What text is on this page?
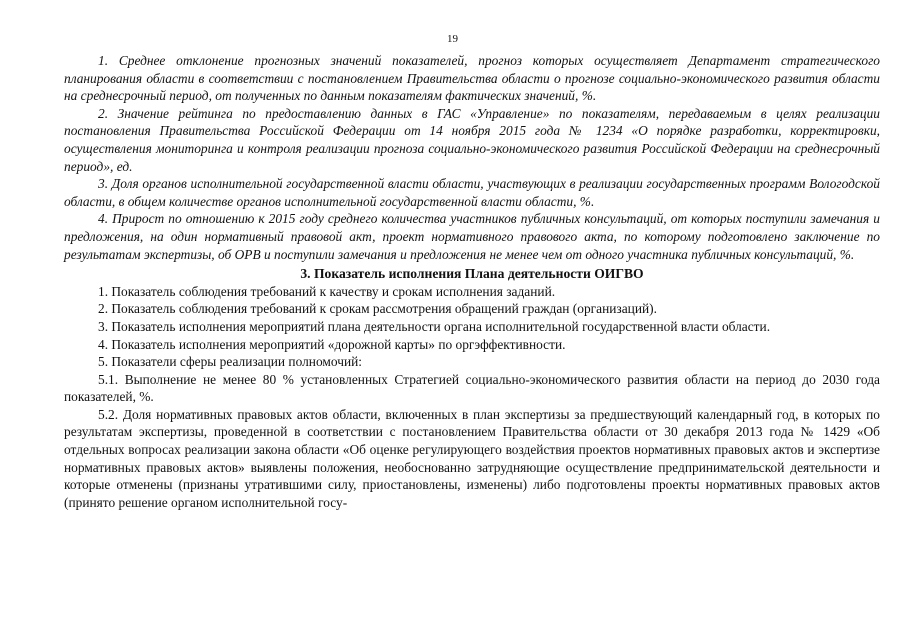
19

1. Среднее отклонение прогнозных значений показателей, прогноз которых осуществляет Департамент стратегического планирования области в соответствии с постановлением Правительства области о прогнозе социально-экономического развития области на среднесрочный период, от полученных по данным показателям фактических значений, %.

2. Значение рейтинга по предоставлению данных в ГАС «Управление» по показателям, передаваемым в целях реализации постановления Правительства Российской Федерации от 14 ноября 2015 года № 1234 «О порядке разработки, корректировки, осуществления мониторинга и контроля реализации прогноза социально-экономического развития Российской Федерации на среднесрочный период», ед.

3. Доля органов исполнительной государственной власти области, участвующих в реализации государственных программ Вологодской области, в общем количестве органов исполнительной государственной власти области, %.

4. Прирост по отношению к 2015 году среднего количества участников публичных консультаций, от которых поступили замечания и предложения, на один нормативный правовой акт, проект нормативного правового акта, по которому подготовлено заключение по результатам экспертизы, об ОРВ и поступили замечания и предложения не менее чем от одного участника публичных консультаций, %.

3. Показатель исполнения Плана деятельности ОИГВО

1. Показатель соблюдения требований к качеству и срокам исполнения заданий.

2. Показатель соблюдения требований к срокам рассмотрения обращений граждан (организаций).

3. Показатель исполнения мероприятий плана деятельности органа исполнительной государственной власти области.

4. Показатель исполнения мероприятий «дорожной карты» по оргэффективности.

5. Показатели сферы реализации полномочий:

5.1. Выполнение не менее 80 % установленных Стратегией социально-экономического развития области на период до 2030 года показателей, %.

5.2. Доля нормативных правовых актов области, включенных в план экспертизы за предшествующий календарный год, в которых по результатам экспертизы, проведенной в соответствии с постановлением Правительства области от 30 декабря 2013 года № 1429 «Об отдельных вопросах реализации закона области «Об оценке регулирующего воздействия проектов нормативных правовых актов и экспертизе нормативных правовых актов» выявлены положения, необоснованно затрудняющие осуществление предпринимательской деятельности и которые отменены (признаны утратившими силу, приостановлены, изменены) либо подготовлены проекты нормативных правовых актов (принято решение органом исполнительной госу-
